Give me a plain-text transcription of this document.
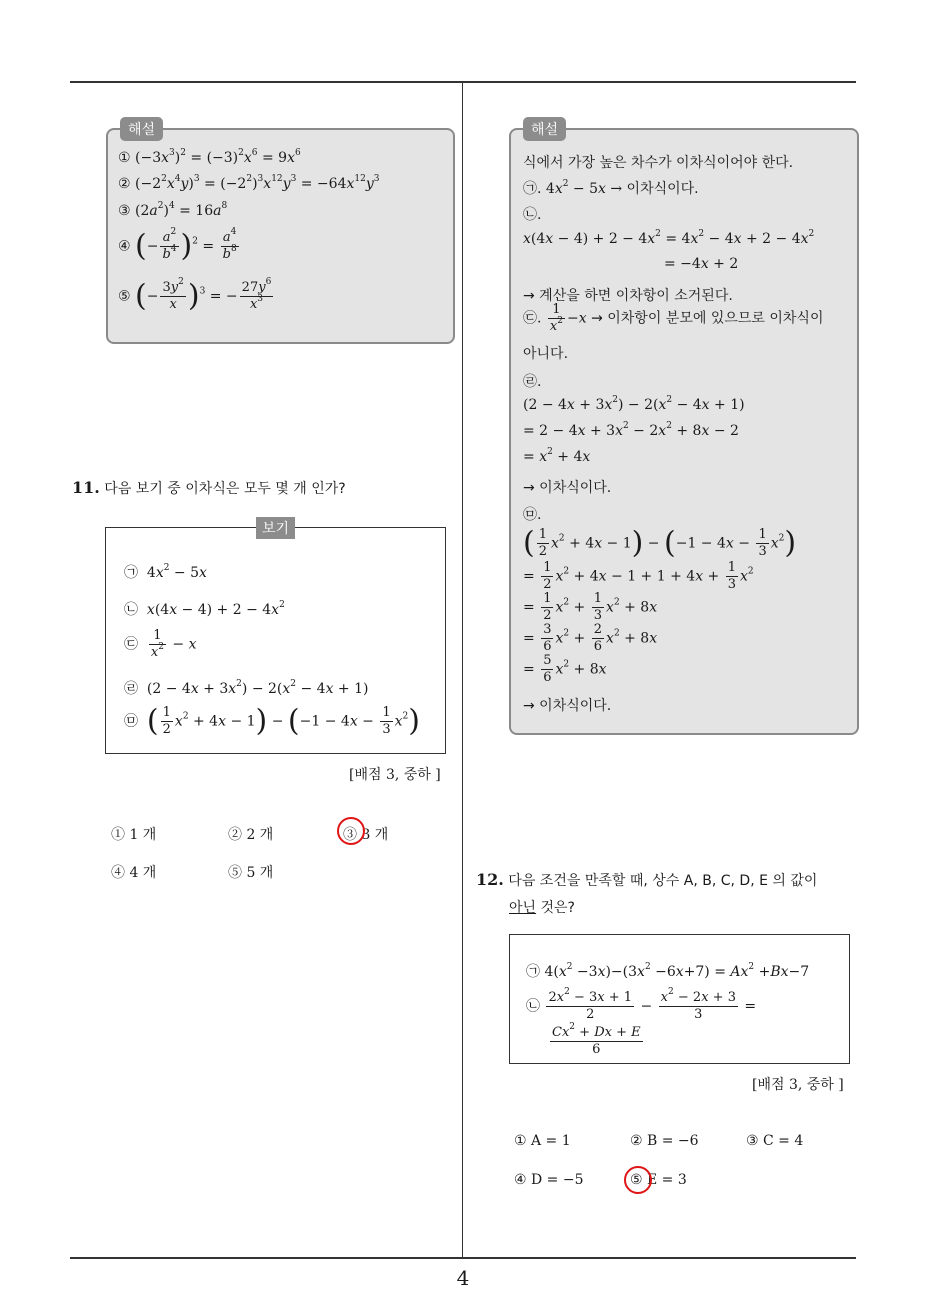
해설
① $(-3x^3)^2 = (-3)^2x^6 = 9x^6$
② $(-2^2x^4y)^3 = (-2^2)^3x^{12}y^3 = -64x^{12}y^3$
③ $(2a^2)^4 = 16a^8$
④ (− $\frac{a^2}{b^4} )^2 = \frac{a^4}{b^8}$
⑤ (− $\frac{3y^2}{x} )^3$ = − $\frac{27y^6}{x^3}$
11. 다음 보기 중 이차식은 모두 몇 개 인가?
보기
㉠  $4x^2 - 5x$
㉡  $x(4x - 4) + 2 - 4x^2$
㉢ $\frac{1}{x^2} - x$
㉣  $(2 - 4x + 3x^2) - 2(x^2 - 4x + 1)$
㉤  ( $\frac{1}{2} x^2 + 4x - 1) - (-1 - 4x - \frac{1}{3} x^2)$
[배점 3, 중하 ]
① 1 개	② 2 개	③ 3 개
④ 4 개	⑤ 5 개
해설
식에서 가장 높은 차수가 이차식이어야 한다.
㉠. $4x^2 - 5x$ → 이차식이다.
㉡.
$x(4x - 4) + 2 - 4x^2 = 4x^2 - 4x + 2 - 4x^2$
= −4x + 2
→ 계산을 하면 이차항이 소거된다.
㉢. $\frac{1}{x^2} -x$ → 이차항이 분모에 있으므로 이차식이
아니다.
㉣.
$(2 - 4x + 3x^2) - 2(x^2 - 4x + 1)$
= $2 - 4x + 3x^2 - 2x^2 + 8x - 2$
= $x^2 + 4x$
→ 이차식이다.
㉤.
( $\frac{1}{2} x^2 + 4x - 1) - (-1 - 4x - \frac{1}{3} x^2)$
= $\frac{1}{2} x^2 + 4x - 1 + 1 + 4x + \frac{1}{3} x^2$
= $\frac{1}{2} x^2 + \frac{1}{3} x^2 + 8x$
= $\frac{3}{6} x^2 + \frac{2}{6} x^2 + 8x$
= $\frac{5}{6} x^2 + 8x$
→ 이차식이다.
12. 다음 조건을 만족할 때, 상수 A, B, C, D, E 의 값이
아닌 것은?
㉠ $4(x^2 -3x)-(3x^2 -6x+7) = Ax^2 +Bx-7$
㉡ $\frac{2x^2 - 3x + 1}{2} - \frac{x^2 - 2x + 3}{3}$ =
$\frac{Cx^2 + Dx + E}{6}$
[배점 3, 중하 ]
① A = 1	② B = −6	③ C = 4
④ D = −5	⑤ E = 3
4
